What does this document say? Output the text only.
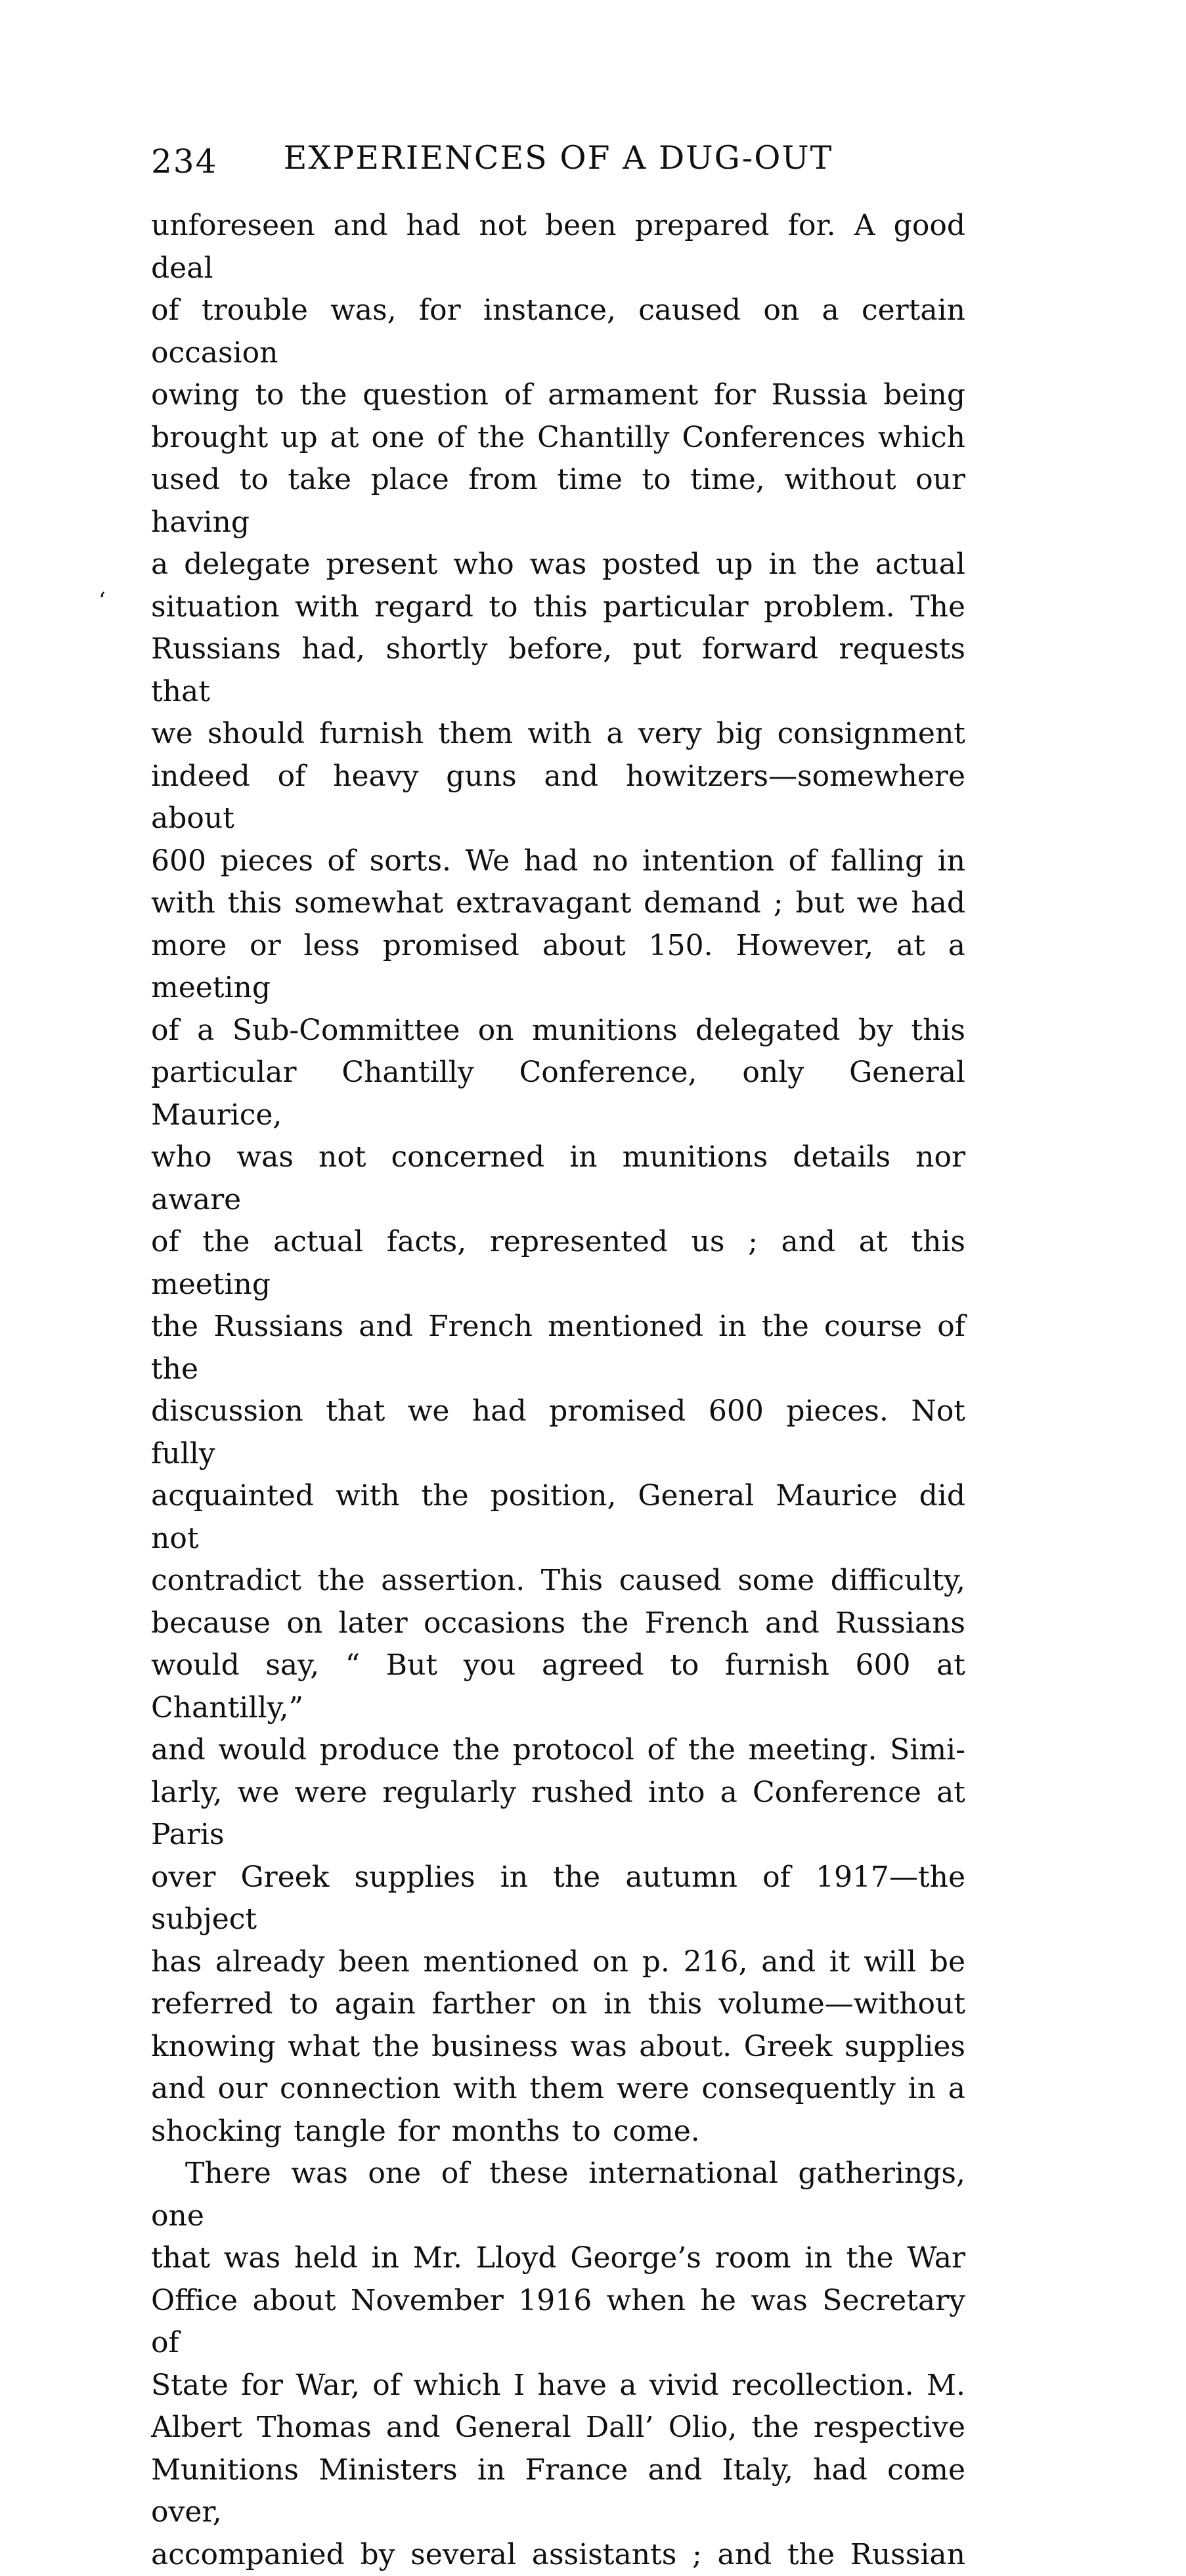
234	EXPERIENCES OF A DUG-OUT
‘
unforeseen and had not been prepared for. A good deal
of trouble was, for instance, caused on a certain occasion
owing to the question of armament for Russia being
brought up at one of the Chantilly Conferences which
used to take place from time to time, without our having
a delegate present who was posted up in the actual
situation with regard to this particular problem. The
Russians had, shortly before, put forward requests that
we should furnish them with a very big consignment
indeed of heavy guns and howitzers—somewhere about
600 pieces of sorts. We had no intention of falling in
with this somewhat extravagant demand ; but we had
more or less promised about 150. However, at a meeting
of a Sub-Committee on munitions delegated by this
particular Chantilly Conference, only General Maurice,
who was not concerned in munitions details nor aware
of the actual facts, represented us ; and at this meeting
the Russians and French mentioned in the course of the
discussion that we had promised 600 pieces. Not fully
acquainted with the position, General Maurice did not
contradict the assertion. This caused some difficulty,
because on later occasions the French and Russians
would say, “ But you agreed to furnish 600 at Chantilly,”
and would produce the protocol of the meeting. Simi-
larly, we were regularly rushed into a Conference at Paris
over Greek supplies in the autumn of 1917—the subject
has already been mentioned on p. 216, and it will be
referred to again farther on in this volume—without
knowing what the business was about. Greek supplies
and our connection with them were consequently in a
shocking tangle for months to come.
There was one of these international gatherings, one
that was held in Mr. Lloyd George’s room in the War
Office about November 1916 when he was Secretary of
State for War, of which I have a vivid recollection. M.
Albert Thomas and General Dall’ Olio, the respective
Munitions Ministers in France and Italy, had come over,
accompanied by several assistants ; and the Russian
